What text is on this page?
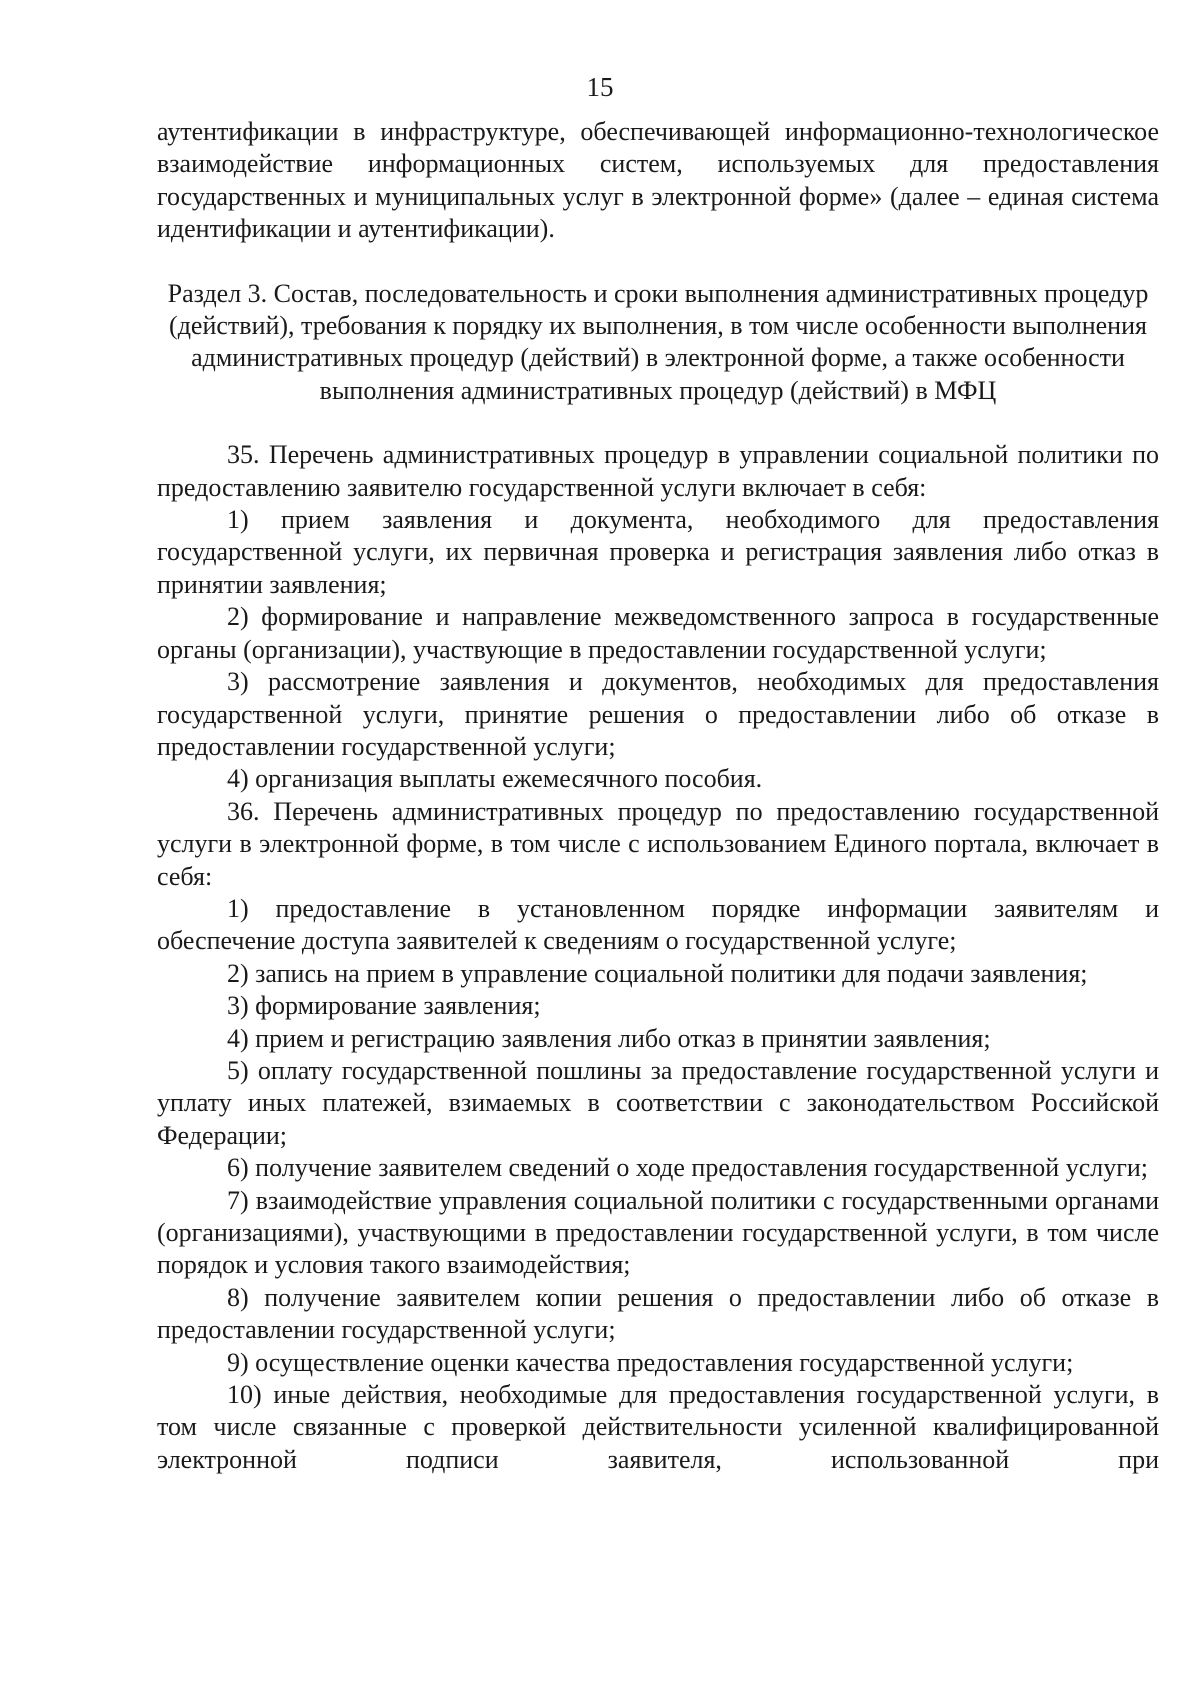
15

аутентификации в инфраструктуре, обеспечивающей информационно-технологическое взаимодействие информационных систем, используемых для предоставления государственных и муниципальных услуг в электронной форме» (далее – единая система идентификации и аутентификации).

Раздел 3. Состав, последовательность и сроки выполнения административных процедур (действий), требования к порядку их выполнения, в том числе особенности выполнения административных процедур (действий) в электронной форме, а также особенности выполнения административных процедур (действий) в МФЦ

35. Перечень административных процедур в управлении социальной политики по предоставлению заявителю государственной услуги включает в себя:

1) прием заявления и документа, необходимого для предоставления государственной услуги, их первичная проверка и регистрация заявления либо отказ в принятии заявления;

2) формирование и направление межведомственного запроса в государственные органы (организации), участвующие в предоставлении государственной услуги;

3) рассмотрение заявления и документов, необходимых для предоставления государственной услуги, принятие решения о предоставлении либо об отказе в предоставлении государственной услуги;

4) организация выплаты ежемесячного пособия.

36. Перечень административных процедур по предоставлению государственной услуги в электронной форме, в том числе с использованием Единого портала, включает в себя:

1) предоставление в установленном порядке информации заявителям и обеспечение доступа заявителей к сведениям о государственной услуге;

2) запись на прием в управление социальной политики для подачи заявления;

3) формирование заявления;

4) прием и регистрацию заявления либо отказ в принятии заявления;

5) оплату государственной пошлины за предоставление государственной услуги и уплату иных платежей, взимаемых в соответствии с законодательством Российской Федерации;

6) получение заявителем сведений о ходе предоставления государственной услуги;

7) взаимодействие управления социальной политики с государственными органами (организациями), участвующими в предоставлении государственной услуги, в том числе порядок и условия такого взаимодействия;

8) получение заявителем копии решения о предоставлении либо об отказе в предоставлении государственной услуги;

9) осуществление оценки качества предоставления государственной услуги;

10) иные действия, необходимые для предоставления государственной услуги, в том числе связанные с проверкой действительности усиленной квалифицированной электронной подписи заявителя, использованной при
